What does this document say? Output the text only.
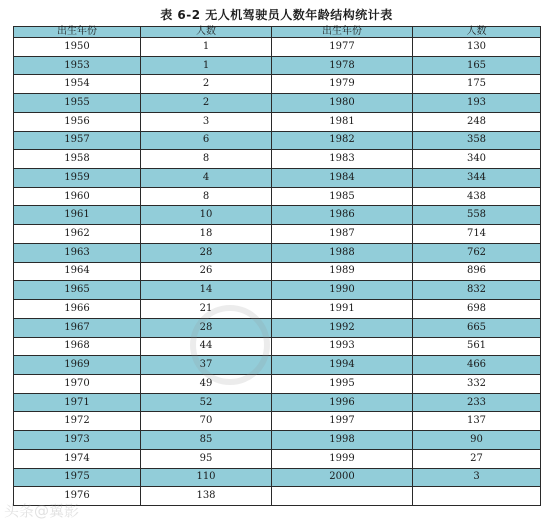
表 6-2 无人机驾驶员人数年龄结构统计表
出生年份	人数	出生年份	人数
1950	1	1977	130
1953	1	1978	165
1954	2	1979	175
1955	2	1980	193
1956	3	1981	248
1957	6	1982	358
1958	8	1983	340
1959	4	1984	344
1960	8	1985	438
1961	10	1986	558
1962	18	1987	714
1963	28	1988	762
1964	26	1989	896
1965	14	1990	832
1966	21	1991	698
1967	28	1992	665
1968	44	1993	561
1969	37	1994	466
1970	49	1995	332
1971	52	1996	233
1972	70	1997	137
1973	85	1998	90
1974	95	1999	27
1975	110	2000	3
1976	138		
头条@翼影
